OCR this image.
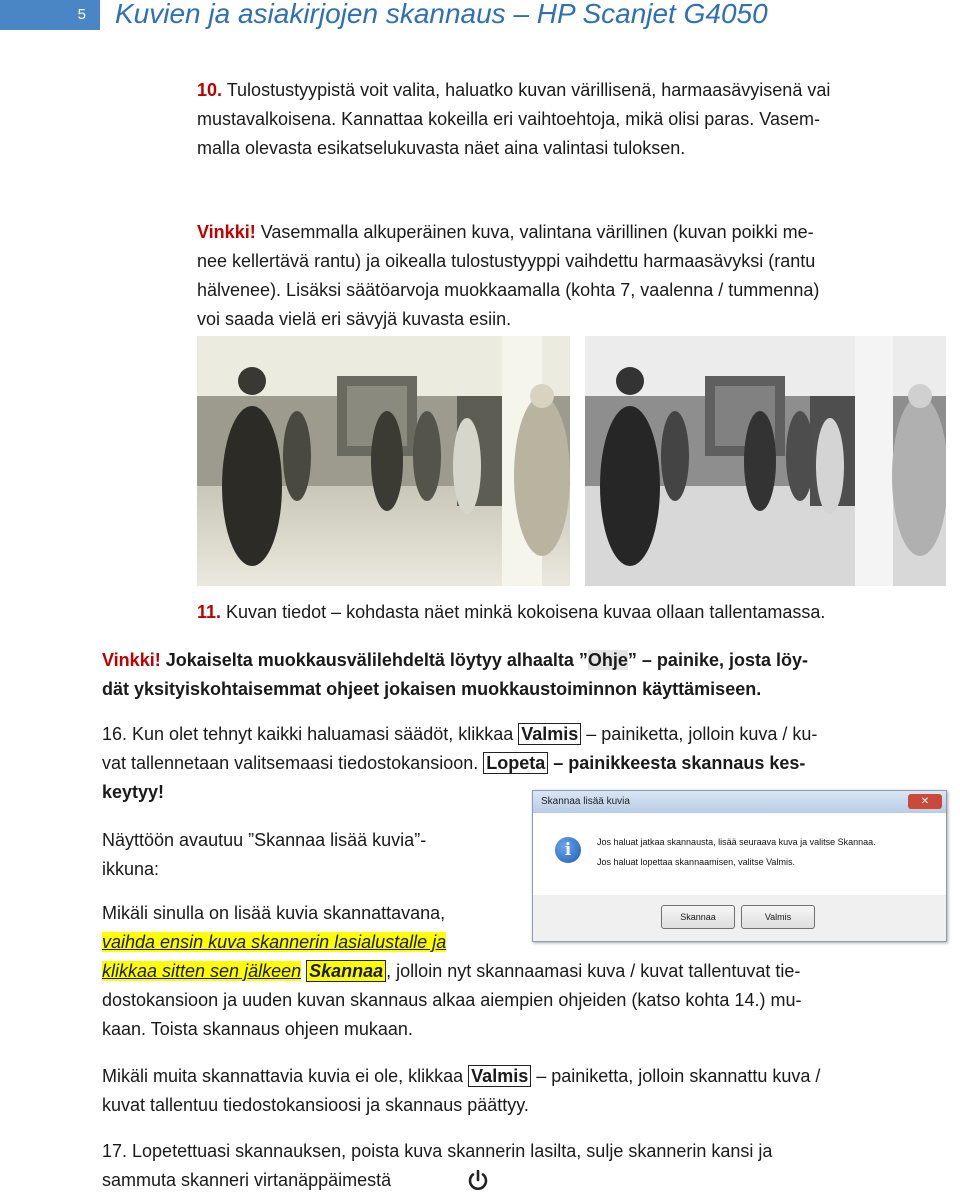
5	Kuvien ja asiakirjojen skannaus – HP Scanjet G4050

10. Tulostustyypistä voit valita, haluatko kuvan värillisenä, harmaasävyisenä vai

mustavalkoisena. Kannattaa kokeilla eri vaihtoehtoja, mikä olisi paras. Vasem-

malla olevasta esikatselukuvasta näet aina valintasi tuloksen.

Vinkki! Vasemmalla alkuperäinen kuva, valintana värillinen (kuvan poikki me-

nee kellertävä rantu) ja oikealla tulostustyyppi vaihdettu harmaasävyksi (rantu

hälvenee). Lisäksi säätöarvoja muokkaamalla (kohta 7, vaalenna / tummenna)

voi saada vielä eri sävyjä kuvasta esiin.

11. Kuvan tiedot – kohdasta näet minkä kokoisena kuvaa ollaan tallentamassa.

Vinkki! Jokaiselta muokkausvälilehdeltä löytyy alhaalta ”Ohje” – painike, josta löy-

dät yksityiskohtaisemmat ohjeet jokaisen muokkaustoiminnon käyttämiseen.

16. Kun olet tehnyt kaikki haluamasi säädöt, klikkaa Valmis – painiketta, jolloin kuva / ku-

vat tallennetaan valitsemaasi tiedostokansioon. Lopeta – painikkeesta skannaus kes-

keytyy!

Näyttöön avautuu ”Skannaa lisää kuvia”-

ikkuna:

Skannaa lisää kuvia	✕
i	Jos haluat jatkaa skannausta, lisää seuraava kuva ja valitse Skannaa.
Jos haluat lopettaa skannaamisen, valitse Valmis.
Skannaa	Valmis

Mikäli sinulla on lisää kuvia skannattavana,

vaihda ensin kuva skannerin lasialustalle ja

klikkaa sitten sen jälkeen Skannaa , jolloin nyt skannaamasi kuva / kuvat tallentuvat tie-

dostokansioon ja uuden kuvan skannaus alkaa aiempien ohjeiden (katso kohta 14.) mu-

kaan. Toista skannaus ohjeen mukaan.

Mikäli muita skannattavia kuvia ei ole, klikkaa Valmis – painiketta, jolloin skannattu kuva /

kuvat tallentuu tiedostokansioosi ja skannaus päättyy.

17. Lopetettuasi skannauksen, poista kuva skannerin lasilta, sulje skannerin kansi ja

sammuta skanneri virtanäppäimestä
